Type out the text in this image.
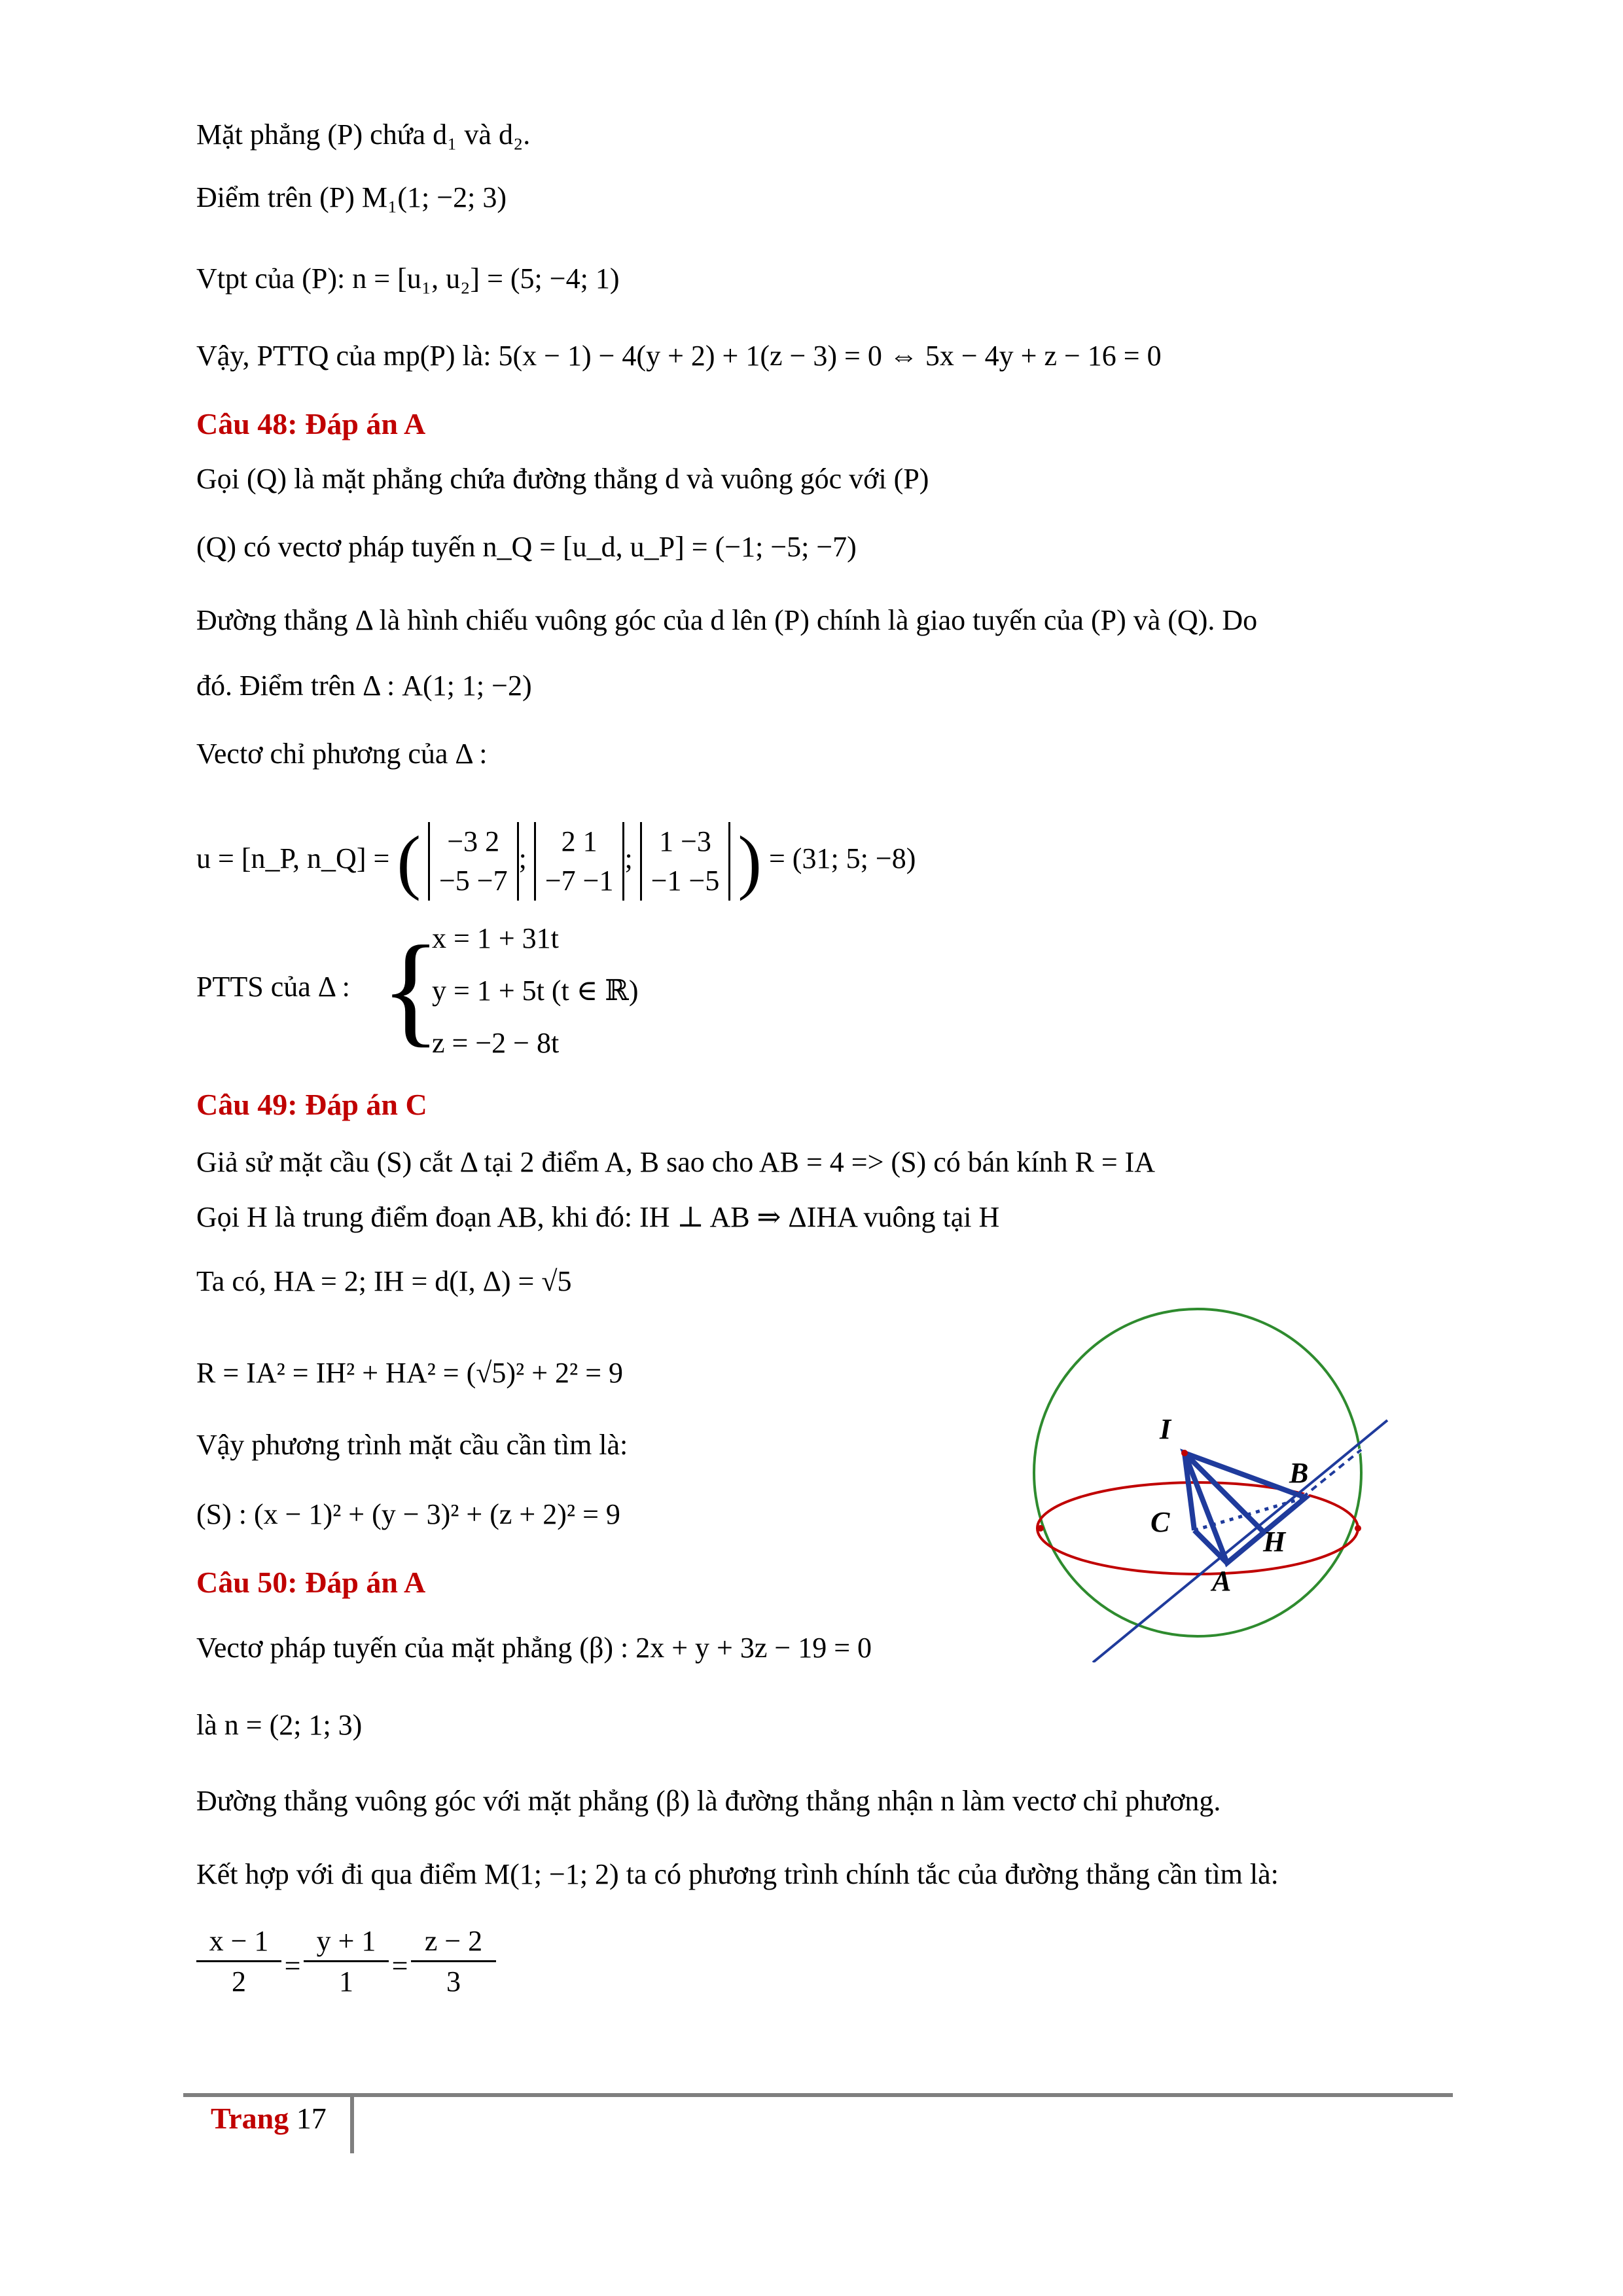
Mặt phẳng (P) chứa d₁ và d₂.
Điểm trên (P) M₁(1; −2; 3)
Vtpt của (P): n = [u₁, u₂] = (5; −4; 1)
Vậy, PTTQ của mp(P) là: 5(x − 1) − 4(y + 2) + 1(z − 3) = 0 ⇔ 5x − 4y + z − 16 = 0
Câu 48: Đáp án A
Gọi (Q) là mặt phẳng chứa đường thẳng d và vuông góc với (P)
(Q) có vectơ pháp tuyến n_Q = [u_d, u_P] = (−1; −5; −7)
Đường thẳng Δ là hình chiếu vuông góc của d lên (P) chính là giao tuyến của (P) và (Q). Do
đó. Điểm trên Δ : A(1; 1; −2)
Vectơ chỉ phương của Δ :
u = [n_P, n_Q] = ( −3 2
−5 −7
;
2 1
−7 −1
;
1 −3
−1 −5 ) = (31; 5; −8)
PTTS của Δ : {
x = 1 + 31t
y = 1 + 5t (t ∈ ℝ)
z = −2 − 8t
Câu 49: Đáp án C
Giả sử mặt cầu (S) cắt Δ tại 2 điểm A, B sao cho AB = 4 => (S) có bán kính R = IA
Gọi H là trung điểm đoạn AB, khi đó: IH ⊥ AB ⇒ ΔIHA vuông tại H
Ta có, HA = 2; IH = d(I, Δ) = √5
R = IA² = IH² + HA² = (√5)² + 2² = 9
Vậy phương trình mặt cầu cần tìm là:
(S) : (x − 1)² + (y − 3)² + (z + 2)² = 9
Câu 50: Đáp án A
Vectơ pháp tuyến của mặt phẳng (β) : 2x + y + 3z − 19 = 0
là n = (2; 1; 3)
Đường thẳng vuông góc với mặt phẳng (β) là đường thẳng nhận n làm vectơ chỉ phương.
Kết hợp với đi qua điểm M(1; −1; 2) ta có phương trình chính tắc của đường thẳng cần tìm là:
$\frac{x - 1}{2} = \frac{y + 1}{1} = \frac{z - 2}{3}$
I
B
C
H
A
Trang 17
